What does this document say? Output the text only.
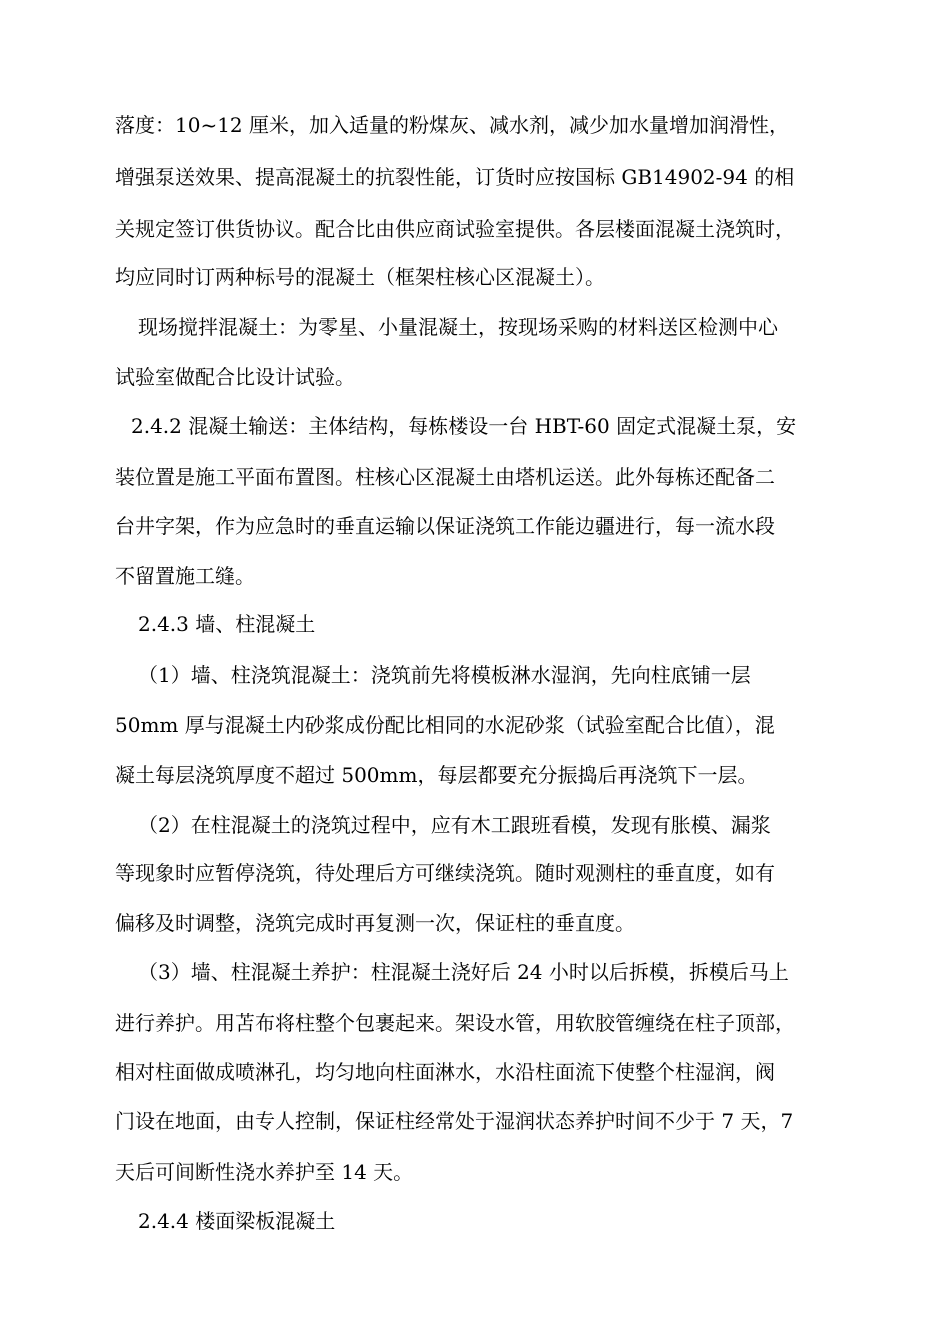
落度：10~12 厘米，加入适量的粉煤灰、减水剂，减少加水量增加润滑性，
增强泵送效果、提高混凝土的抗裂性能，订货时应按国标 GB14902-94 的相
关规定签订供货协议。配合比由供应商试验室提供。各层楼面混凝土浇筑时，
均应同时订两种标号的混凝土（框架柱核心区混凝土）。
现场搅拌混凝土：为零星、小量混凝土，按现场采购的材料送区检测中心
试验室做配合比设计试验。
2.4.2 混凝土输送：主体结构，每栋楼设一台 HBT-60 固定式混凝土泵，安
装位置是施工平面布置图。柱核心区混凝土由塔机运送。此外每栋还配备二
台井字架，作为应急时的垂直运输以保证浇筑工作能边疆进行，每一流水段
不留置施工缝。
2.4.3 墙、柱混凝土
（1）墙、柱浇筑混凝土：浇筑前先将模板淋水湿润，先向柱底铺一层
50mm 厚与混凝土内砂浆成份配比相同的水泥砂浆（试验室配合比值），混
凝土每层浇筑厚度不超过 500mm，每层都要充分振捣后再浇筑下一层。
（2）在柱混凝土的浇筑过程中，应有木工跟班看模，发现有胀模、漏浆
等现象时应暂停浇筑，待处理后方可继续浇筑。随时观测柱的垂直度，如有
偏移及时调整，浇筑完成时再复测一次，保证柱的垂直度。
（3）墙、柱混凝土养护：柱混凝土浇好后 24 小时以后拆模，拆模后马上
进行养护。用苫布将柱整个包裹起来。架设水管，用软胶管缠绕在柱子顶部，
相对柱面做成喷淋孔，均匀地向柱面淋水，水沿柱面流下使整个柱湿润，阀
门设在地面，由专人控制，保证柱经常处于湿润状态养护时间不少于 7 天，7
天后可间断性浇水养护至 14 天。
2.4.4 楼面梁板混凝土
